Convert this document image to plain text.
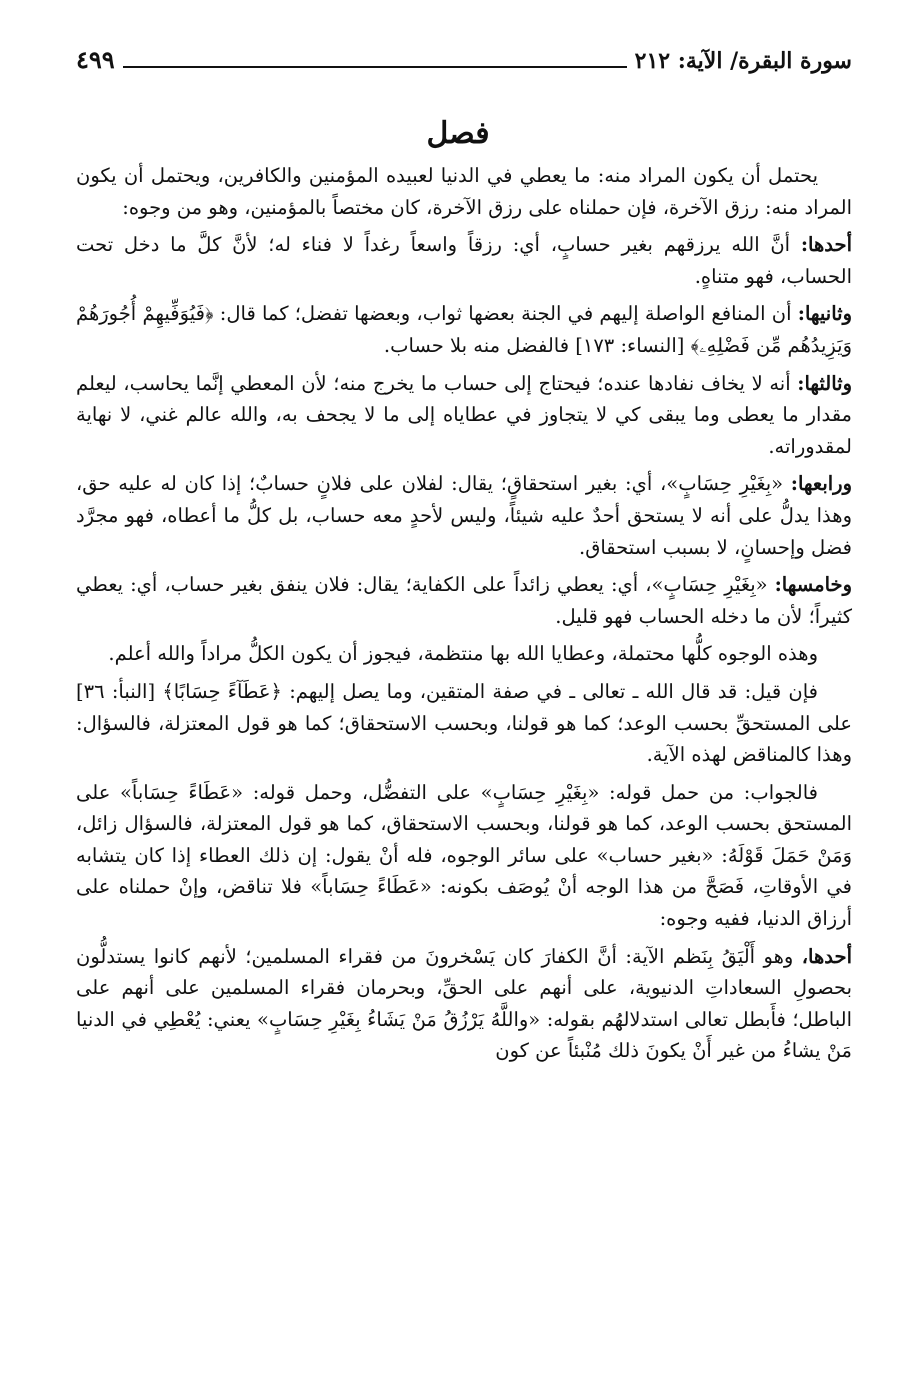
سورة البقرة/ الآية: ٢١٢
٤٩٩
فصل

يحتمل أن يكون المراد منه: ما يعطي في الدنيا لعبيده المؤمنين والكافرين، ويحتمل أن يكون المراد منه: رزق الآخرة، فإن حملناه على رزق الآخرة، كان مختصاً بالمؤمنين، وهو من وجوه:

أحدها: أنَّ الله يرزقهم بغير حسابٍ، أي: رزقاً واسعاً رغداً لا فناء له؛ لأنَّ كلَّ ما دخل تحت الحساب، فهو متناهٍ.

وثانيها: أن المنافع الواصلة إليهم في الجنة بعضها ثواب، وبعضها تفضل؛ كما قال: ﴿فَيُوَفِّيهِمْ أُجُورَهُمْ وَيَزِيدُهُم مِّن فَضْلِهِۦ﴾ [النساء: ١٧٣] فالفضل منه بلا حساب.

وثالثها: أنه لا يخاف نفادها عنده؛ فيحتاج إلى حساب ما يخرج منه؛ لأن المعطي إنَّما يحاسب، ليعلم مقدار ما يعطى وما يبقى كي لا يتجاوز في عطاياه إلى ما لا يجحف به، والله عالم غني، لا نهاية لمقدوراته.

ورابعها: «بِغَيْرِ حِسَابٍ»، أي: بغير استحقاقٍ؛ يقال: لفلان على فلانٍ حسابٌ؛ إذا كان له عليه حق، وهذا يدلُّ على أنه لا يستحق أحدٌ عليه شيئاً، وليس لأحدٍ معه حساب، بل كلُّ ما أعطاه، فهو مجرَّد فضل وإحسانٍ، لا بسبب استحقاق.

وخامسها: «بِغَيْرِ حِسَابٍ»، أي: يعطي زائداً على الكفاية؛ يقال: فلان ينفق بغير حساب، أي: يعطي كثيراً؛ لأن ما دخله الحساب فهو قليل.

وهذه الوجوه كلُّها محتملة، وعطايا الله بها منتظمة، فيجوز أن يكون الكلُّ مراداً والله أعلم.

فإن قيل: قد قال الله ـ تعالى ـ في صفة المتقين، وما يصل إليهم: ﴿عَطَآءً حِسَابًا﴾ [النبأ: ٣٦] على المستحقِّ بحسب الوعد؛ كما هو قولنا، وبحسب الاستحقاق؛ كما هو قول المعتزلة، فالسؤال: وهذا كالمناقض لهذه الآية.

فالجواب: من حمل قوله: «بِغَيْرِ حِسَابٍ» على التفضُّل، وحمل قوله: «عَطَاءً حِسَاباً» على المستحق بحسب الوعد، كما هو قولنا، وبحسب الاستحقاق، كما هو قول المعتزلة، فالسؤال زائل، وَمَنْ حَمَلَ قَوْلَهُ: «بغير حساب» على سائر الوجوه، فله أنْ يقول: إن ذلك العطاء إذا كان يتشابه في الأوقاتِ، فَصَحَّ من هذا الوجه أنْ يُوصَف بكونه: «عَطَاءً حِسَاباً» فلا تناقض، وإنْ حملناه على أرزاق الدنيا، ففيه وجوه:

أحدها، وهو أَلْيَقُ بِنَظم الآية: أنَّ الكفارَ كان يَسْخرونَ من فقراء المسلمين؛ لأنهم كانوا يستدلُّون بحصولِ السعاداتِ الدنيوية، على أنهم على الحقِّ، وبحرمان فقراء المسلمين على أنهم على الباطل؛ فأَبطل تعالى استدلالهُم بقوله: «واللَّهُ يَرْزُقُ مَنْ يَشَاءُ بِغَيْرِ حِسَابٍ» يعني: يُعْطِي في الدنيا مَنْ يشاءُ من غير أَنْ يكونَ ذلك مُنْبئاً عن كون
